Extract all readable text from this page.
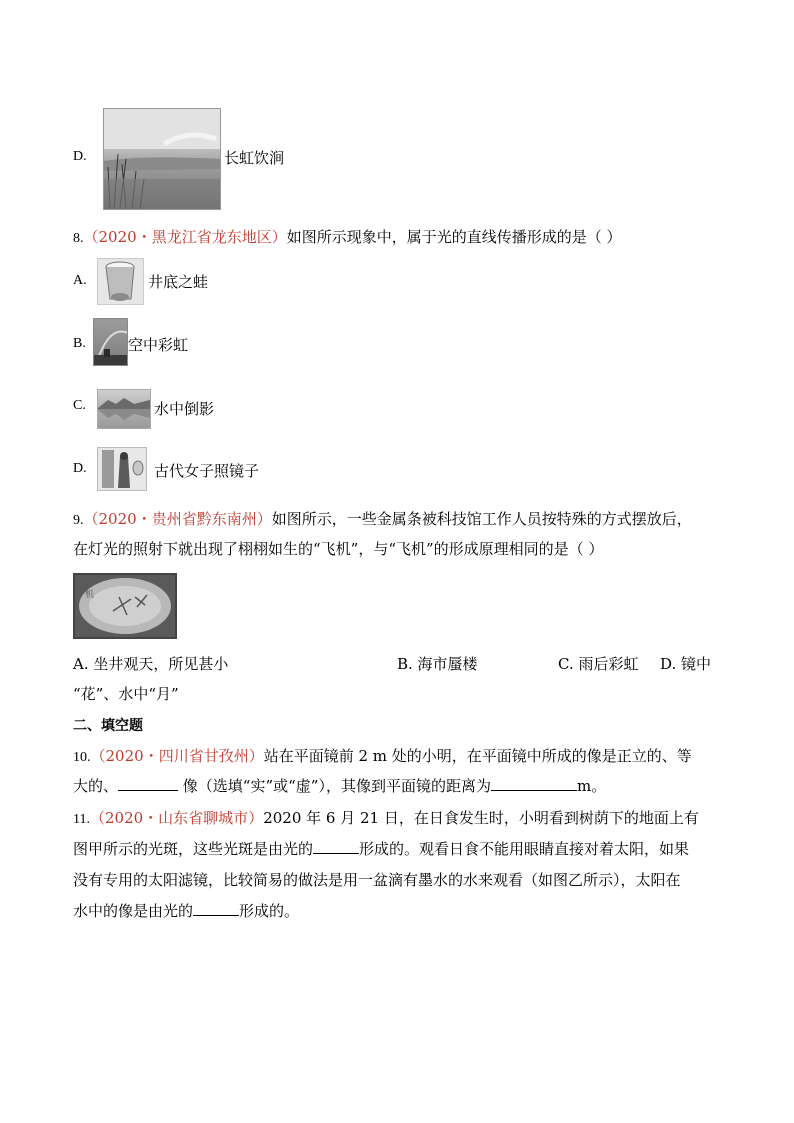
D.	长虹饮涧
8.（2020・黑龙江省龙东地区）如图所示现象中，属于光的直线传播形成的是（ ）
A.	井底之蛙
B.	空中彩虹
C.	水中倒影
D.	古代女子照镜子
9.（2020・贵州省黔东南州）如图所示，一些金属条被科技馆工作人员按特殊的方式摆放后，
在灯光的照射下就出现了栩栩如生的“飞机”，与“飞机”的形成原理相同的是（ ）
机
A. 坐井观天，所见甚小	B. 海市蜃楼	C. 雨后彩虹 D. 镜中
“花”、水中“月”
二、填空题
10.（2020・四川省甘孜州）站在平面镜前 2 m 处的小明，在平面镜中所成的像是正立的、等
大的、	像（选填“实”或“虚”），其像到平面镜的距离为	m。
11.（2020・山东省聊城市）2020 年 6 月 21 日，在日食发生时，小明看到树荫下的地面上有
图甲所示的光斑，这些光斑是由光的	形成的。观看日食不能用眼睛直接对着太阳，如果
没有专用的太阳滤镜，比较简易的做法是用一盆滴有墨水的水来观看（如图乙所示），太阳在
水中的像是由光的	形成的。
